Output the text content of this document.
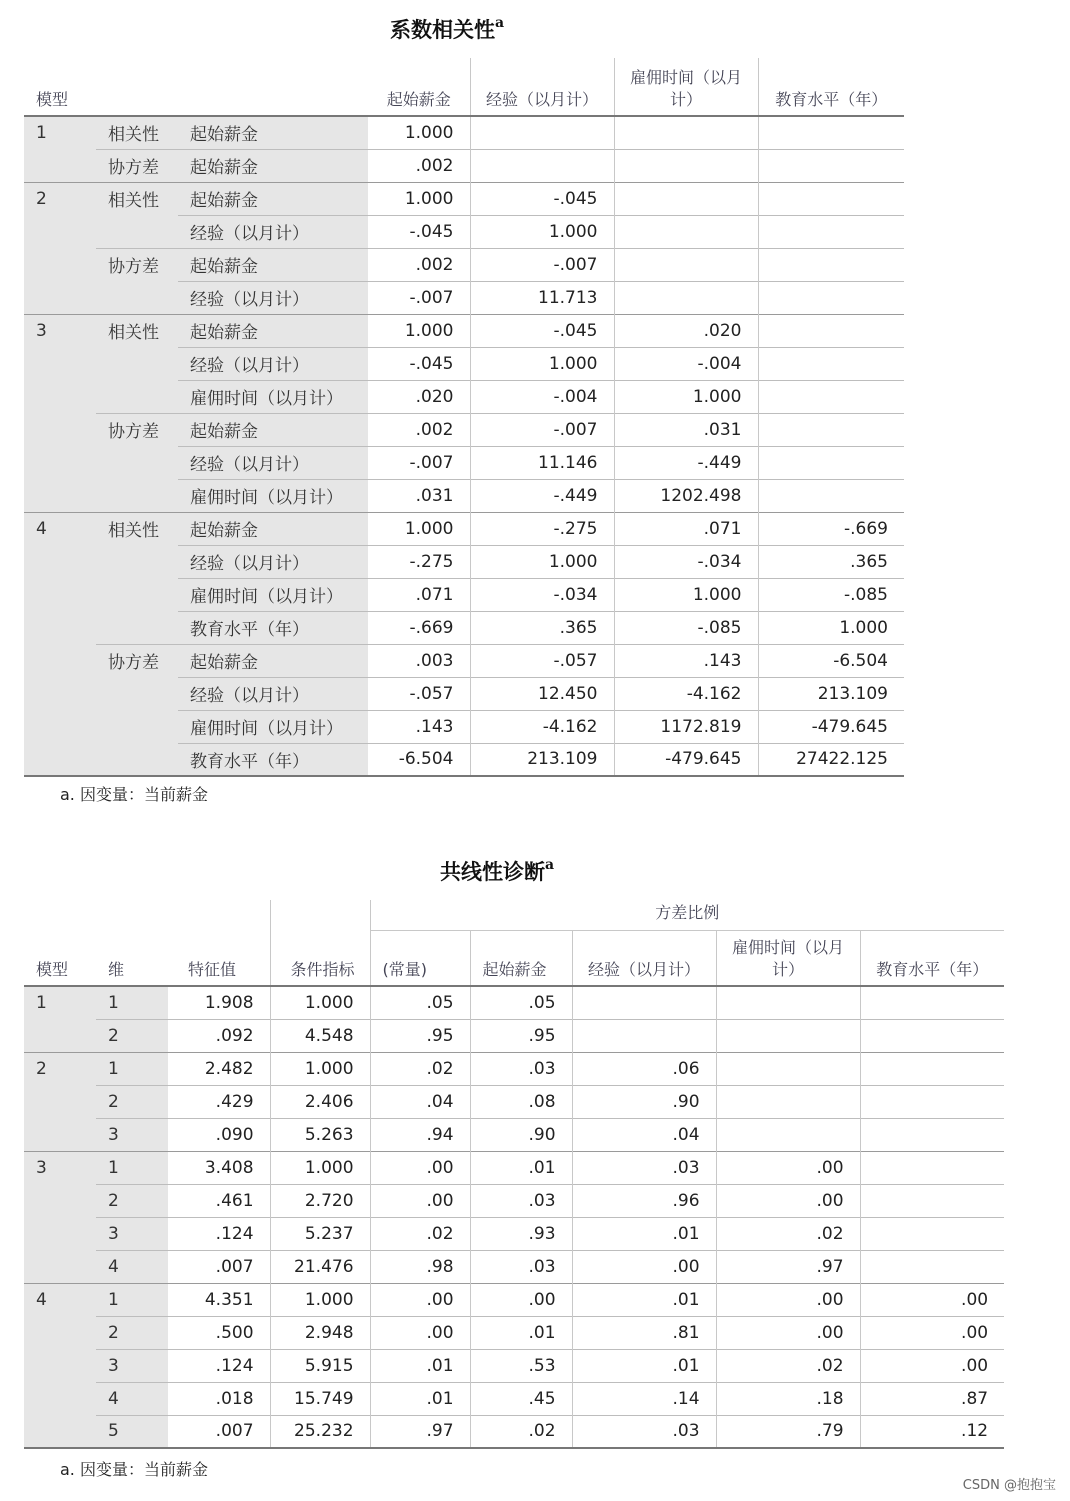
系数相关性$^a$
模型			起始薪金	经验（以月计）	雇佣时间（以月计）	教育水平（年）
1	相关性	起始薪金	1.000			
	协方差	起始薪金	.002			
2	相关性	起始薪金	1.000	-.045		
		经验（以月计）	-.045	1.000		
	协方差	起始薪金	.002	-.007		
		经验（以月计）	-.007	11.713		
3	相关性	起始薪金	1.000	-.045	.020	
		经验（以月计）	-.045	1.000	-.004	
		雇佣时间（以月计）	.020	-.004	1.000	
	协方差	起始薪金	.002	-.007	.031	
		经验（以月计）	-.007	11.146	-.449	
		雇佣时间（以月计）	.031	-.449	1202.498	
4	相关性	起始薪金	1.000	-.275	.071	-.669
		经验（以月计）	-.275	1.000	-.034	.365
		雇佣时间（以月计）	.071	-.034	1.000	-.085
		教育水平（年）	-.669	.365	-.085	1.000
	协方差	起始薪金	.003	-.057	.143	-6.504
		经验（以月计）	-.057	12.450	-4.162	213.109
		雇佣时间（以月计）	.143	-4.162	1172.819	-479.645
		教育水平（年）	-6.504	213.109	-479.645	27422.125
a. 因变量：当前薪金
共线性诊断$^a$
				方差比例				
模型	维	特征值	条件指标	(常量)	起始薪金	经验（以月计）	雇佣时间（以月计）	教育水平（年）
1	1	1.908	1.000	.05	.05			
	2	.092	4.548	.95	.95			
2	1	2.482	1.000	.02	.03	.06		
	2	.429	2.406	.04	.08	.90		
	3	.090	5.263	.94	.90	.04		
3	1	3.408	1.000	.00	.01	.03	.00	
	2	.461	2.720	.00	.03	.96	.00	
	3	.124	5.237	.02	.93	.01	.02	
	4	.007	21.476	.98	.03	.00	.97	
4	1	4.351	1.000	.00	.00	.01	.00	.00
	2	.500	2.948	.00	.01	.81	.00	.00
	3	.124	5.915	.01	.53	.01	.02	.00
	4	.018	15.749	.01	.45	.14	.18	.87
	5	.007	25.232	.97	.02	.03	.79	.12
a. 因变量：当前薪金
CSDN @抱抱宝
